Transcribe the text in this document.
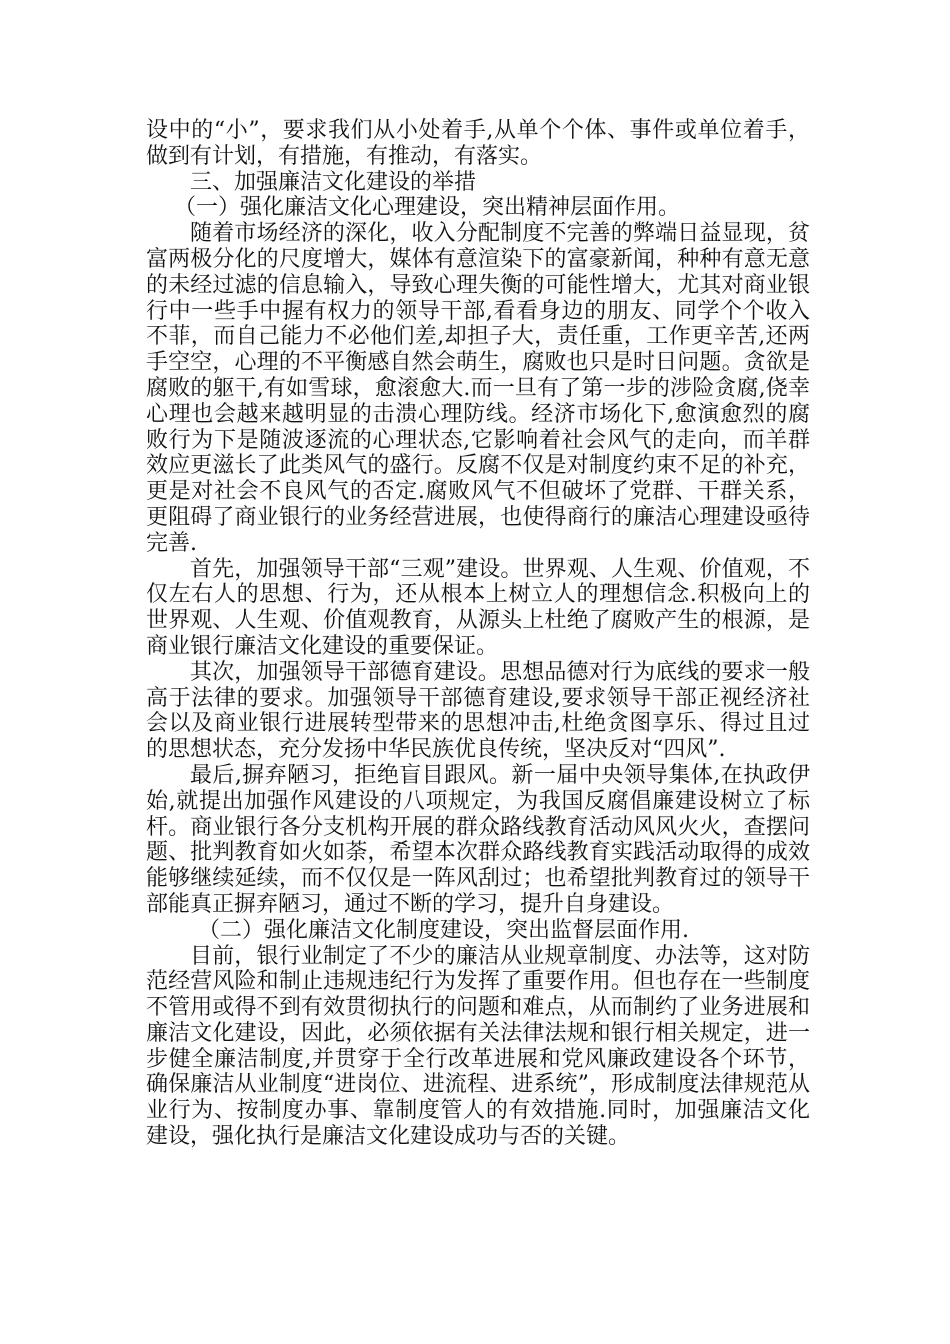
设中的“小”，要求我们从小处着手,从单个个体、事件或单位着手，做到有计划，有措施，有推动，有落实。

三、加强廉洁文化建设的举措

（一）强化廉洁文化心理建设，突出精神层面作用。

随着市场经济的深化，收入分配制度不完善的弊端日益显现，贫富两极分化的尺度增大，媒体有意渲染下的富豪新闻，种种有意无意的未经过滤的信息输入，导致心理失衡的可能性增大，尤其对商业银行中一些手中握有权力的领导干部,看看身边的朋友、同学个个收入不菲，而自己能力不必他们差,却担子大，责任重，工作更辛苦,还两手空空，心理的不平衡感自然会萌生，腐败也只是时日问题。贪欲是腐败的躯干,有如雪球，愈滚愈大.而一旦有了第一步的涉险贪腐,侥幸心理也会越来越明显的击溃心理防线。经济市场化下,愈演愈烈的腐败行为下是随波逐流的心理状态,它影响着社会风气的走向，而羊群效应更滋长了此类风气的盛行。反腐不仅是对制度约束不足的补充，更是对社会不良风气的否定.腐败风气不但破坏了党群、干群关系，更阻碍了商业银行的业务经营进展，也使得商行的廉洁心理建设亟待完善.

首先，加强领导干部“三观”建设。世界观、人生观、价值观，不仅左右人的思想、行为，还从根本上树立人的理想信念.积极向上的世界观、人生观、价值观教育，从源头上杜绝了腐败产生的根源，是商业银行廉洁文化建设的重要保证。

其次，加强领导干部德育建设。思想品德对行为底线的要求一般高于法律的要求。加强领导干部德育建设,要求领导干部正视经济社会以及商业银行进展转型带来的思想冲击,杜绝贪图享乐、得过且过的思想状态，充分发扬中华民族优良传统，坚决反对“四风”.

最后,摒弃陋习，拒绝盲目跟风。新一届中央领导集体,在执政伊始,就提出加强作风建设的八项规定，为我国反腐倡廉建设树立了标杆。商业银行各分支机构开展的群众路线教育活动风风火火，查摆问题、批判教育如火如荼，希望本次群众路线教育实践活动取得的成效能够继续延续，而不仅仅是一阵风刮过；也希望批判教育过的领导干部能真正摒弃陋习，通过不断的学习，提升自身建设。

（二）强化廉洁文化制度建设，突出监督层面作用.

目前，银行业制定了不少的廉洁从业规章制度、办法等，这对防范经营风险和制止违规违纪行为发挥了重要作用。但也存在一些制度不管用或得不到有效贯彻执行的问题和难点，从而制约了业务进展和廉洁文化建设，因此，必须依据有关法律法规和银行相关规定，进一步健全廉洁制度,并贯穿于全行改革进展和党风廉政建设各个环节，确保廉洁从业制度“进岗位、进流程、进系统”，形成制度法律规范从业行为、按制度办事、靠制度管人的有效措施.同时，加强廉洁文化建设，强化执行是廉洁文化建设成功与否的关键。
